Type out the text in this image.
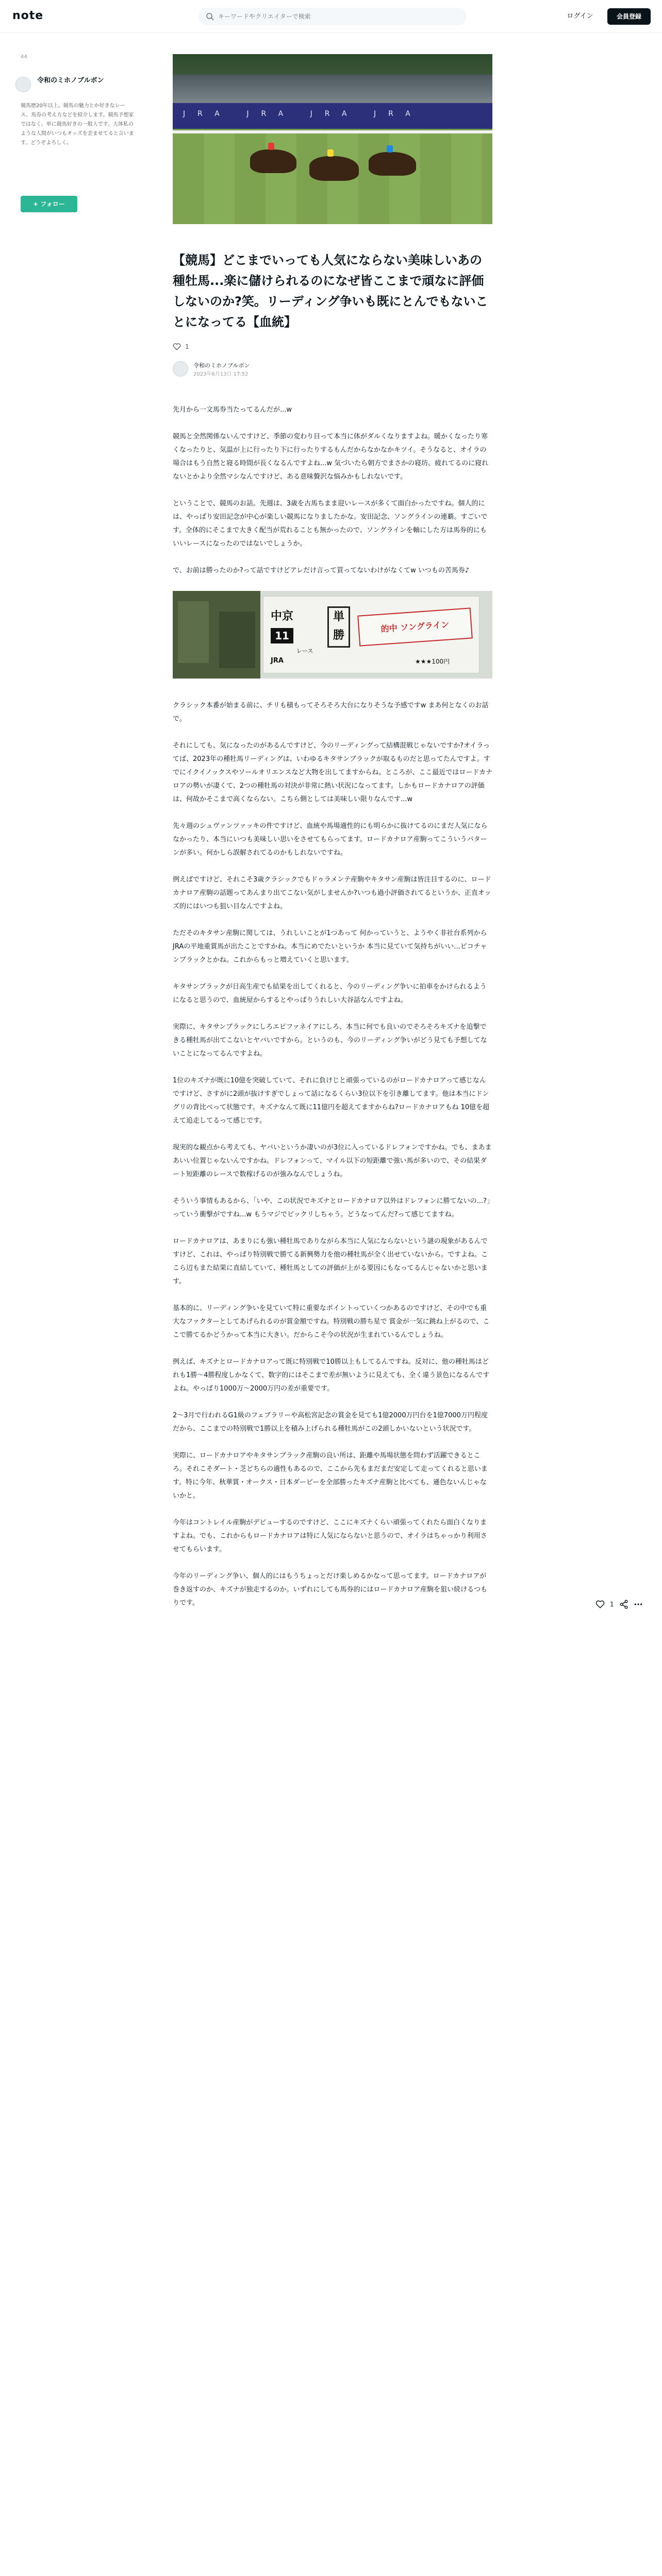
note
キーワードやクリエイターで検索	ログイン	会員登録
44
令和のミホノブルボン
競馬歴20年以上。競馬の魅力とか好きなレース、馬券の考え方などを紹介します。競馬予想家ではなく、単に競馬好きの一般人です。大体私のような人間がいつもオッズを歪ませてると言います。どうぞよろしく。
+ フォロー
JRA JRA JRA JRA
【競馬】どこまでいっても人気にならない美味しいあの種牡馬...楽に儲けられるのになぜ皆ここまで頑なに評価しないのか?笑。リーディング争いも既にとんでもないことになってる【血統】
1
令和のミホノブルボン
2023年6月13日 17:52

先月から一文馬券当たってるんだが...w

競馬と全然関係ないんですけど、季節の変わり目って本当に体がダルくなりますよね。暖かくなったり寒くなったりと、気温が上に行ったり下に行ったりするもんだからなかなかキツイ。そうなると、オイラの場合はもう自然と寝る時間が長くなるんですよね...w 気づいたら朝方でまさかの寝坊。疲れてるのに寝れないとかより全然マシなんですけど、ある意味贅沢な悩みかもしれないです。

ということで、競馬のお話。先週は、3歳を古馬ちまま迎いレースが多くて面白かったですね。個人的には、やっぱり安田記念が中心が楽しい競馬になりましたかな。安田記念、ソングラインの連覇。すごいです。全体的にそこまで大きく配当が荒れることも無かったので、ソングラインを軸にした方は馬券的にもいいレースになったのではないでしょうか。

で、お前は勝ったのか?って話ですけどアレだけ言って買ってないわけがなくてw いつもの苦馬券♪

中京
11
レース
単勝
的中 ソングライン
JRA	★★★100円

クラシック本番が始まる前に、チリも積もってそろそろ大台になりそうな予感ですw まあ何となくのお話で。

それにしても、気になったのがあるんですけど、今のリーディングって結構混戦じゃないですか?オイラってば、2023年の種牡馬リーディングは、いわゆるキタサンブラックが取るものだと思ってたんですよ。すでにイクイノックスやソールオリエンスなど大物を出してますからね。ところが、ここ最近ではロードカナロアの勢いが凄くて、2つの種牡馬の対決が非常に熱い状況になってます。しかもロードカナロアの評価は、何故かそこまで高くならない。こちら側としては美味しい限りなんです...w

先々週のシュヴァンツァッキの件ですけど、血統や馬場適性的にも明らかに抜けてるのにまだ人気にならなかったり、本当にいつも美味しい思いをさせてもらってます。ロードカナロア産駒ってこういうパターンが多い。何かしら誤解されてるのかもしれないですね。

例えばですけど、それこそ3歳クラシックでもドゥラメンテ産駒やキタサン産駒は皆注目するのに、ロードカナロア産駒の話題ってあんまり出てこない気がしませんか?いつも過小評価されてるというか、正直オッズ的にはいつも狙い目なんですよね。

ただそのキタサン産駒に関しては、うれしいことが1つあって 何かっていうと、ようやく非社台系列からJRAの平地重賞馬が出たことですかね。本当にめでたいというか 本当に見ていて気持ちがいい...ピコチャンブラックとかね。これからもっと増えていくと思います。

キタサンブラックが日高生産でも結果を出してくれると、今のリーディング争いに拍車をかけられるようになると思うので、血統屋からするとやっぱりうれしい大谷話なんですよね。

実際に、キタサンブラックにしろエピファネイアにしろ、本当に何でも良いのでそろそろキズナを追撃できる種牡馬が出てこないとヤバいですから。というのも、今のリーディング争いがどう見ても予想してないことになってるんですよね。

1位のキズナが既に10億を突破していて、それに負けじと頑張っているのがロードカナロアって感じなんですけど、さすがに2頭が抜けすぎでしょって話になるくらい3位以下を引き離してます。他は本当にドングリの背比べって状態です。キズナなんて既に11億円を超えてますからね?ロードカナロアもね 10億を超えて追走してるって感じです。

現実的な観点から考えても、ヤバいというか凄いのが3位に入っているドレフォンですかね。でも、まあまあいい位置じゃないんですかね。ドレフォンって、マイル以下の短距離で強い馬が多いので、その結果ダート短距離のレースで数稼げるのが強みなんでしょうね。

そういう事情もあるから、「いや、この状況でキズナとロードカナロア以外はドレフォンに勝てないの...?」っていう衝撃がですね...w もうマジでビックリしちゃう。どうなってんだ?って感じてますね。

ロードカナロアは、あまりにも強い種牡馬でありながら本当に人気にならないという謎の現象があるんですけど、これは、やっぱり特別戦で勝てる新興勢力を他の種牡馬が全く出せていないから。ですよね。ここら辺もまた結果に直結していて、種牡馬としての評価が上がる要因にもなってるんじゃないかと思います。

基本的に、リーディング争いを見ていて特に重要なポイントっていくつかあるのですけど、その中でも重大なファクターとしてあげられるのが賞金額ですね。特別戦の勝ち星で 賞金が一気に跳ね上がるので、ここで勝てるかどうかって本当に大きい。だからこそ今の状況が生まれているんでしょうね。

例えば、キズナとロードカナロアって既に特別戦で10勝以上もしてるんですね。反対に、他の種牡馬はどれも1勝〜4勝程度しかなくて、数字的にはそこまで差が無いように見えても、全く違う景色になるんですよね。やっぱり1000万〜2000万円の差が重要です。

2〜3月で行われるG1級のフェブラリーや高松宮記念の賞金を見ても1億2000万円台を1億7000万円程度だから、ここまでの特別戦で1勝以上を積み上げられる種牡馬がこの2頭しかいないという状況です。

実際に、ロードカナロアやキタサンブラック産駒の良い所は、距離や馬場状態を問わず活躍できるところ。それこそダート・芝どちらの適性もあるので、ここから先もまだまだ安定して走ってくれると思います。特に今年、秋華賞・オークス・日本ダービーを全部勝ったキズナ産駒と比べても、遜色ないんじゃないかと。

今年はコントレイル産駒がデビューするのですけど、ここにキズナくらい頑張ってくれたら面白くなりますよね。でも、これからもロードカナロアは特に人気にならないと思うので、オイラはちゃっかり利用させてもらいます。

今年のリーディング争い、個人的にはもうちょっとだけ楽しめるかなって思ってます。ロードカナロアが巻き返すのか、キズナが独走するのか。いずれにしても馬券的にはロードカナロア産駒を狙い続けるつもりです。	1
